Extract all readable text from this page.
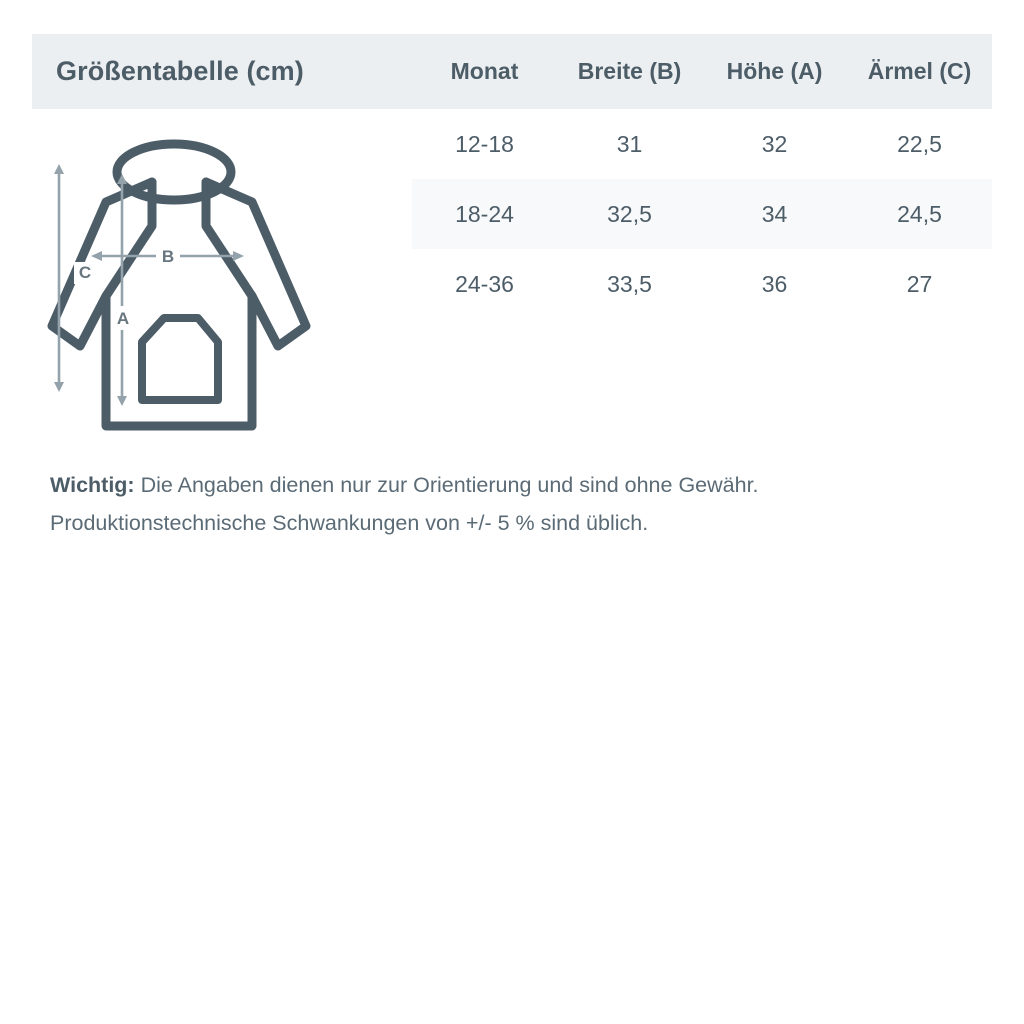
Größentabelle (cm)
C
B
A
Monat	Breite (B)	Höhe (A)	Ärmel (C)
12-18	31	32	22,5
18-24	32,5	34	24,5
24-36	33,5	36	27
Wichtig: Die Angaben dienen nur zur Orientierung und sind ohne Gewähr.
Produktionstechnische Schwankungen von +/- 5 % sind üblich.
